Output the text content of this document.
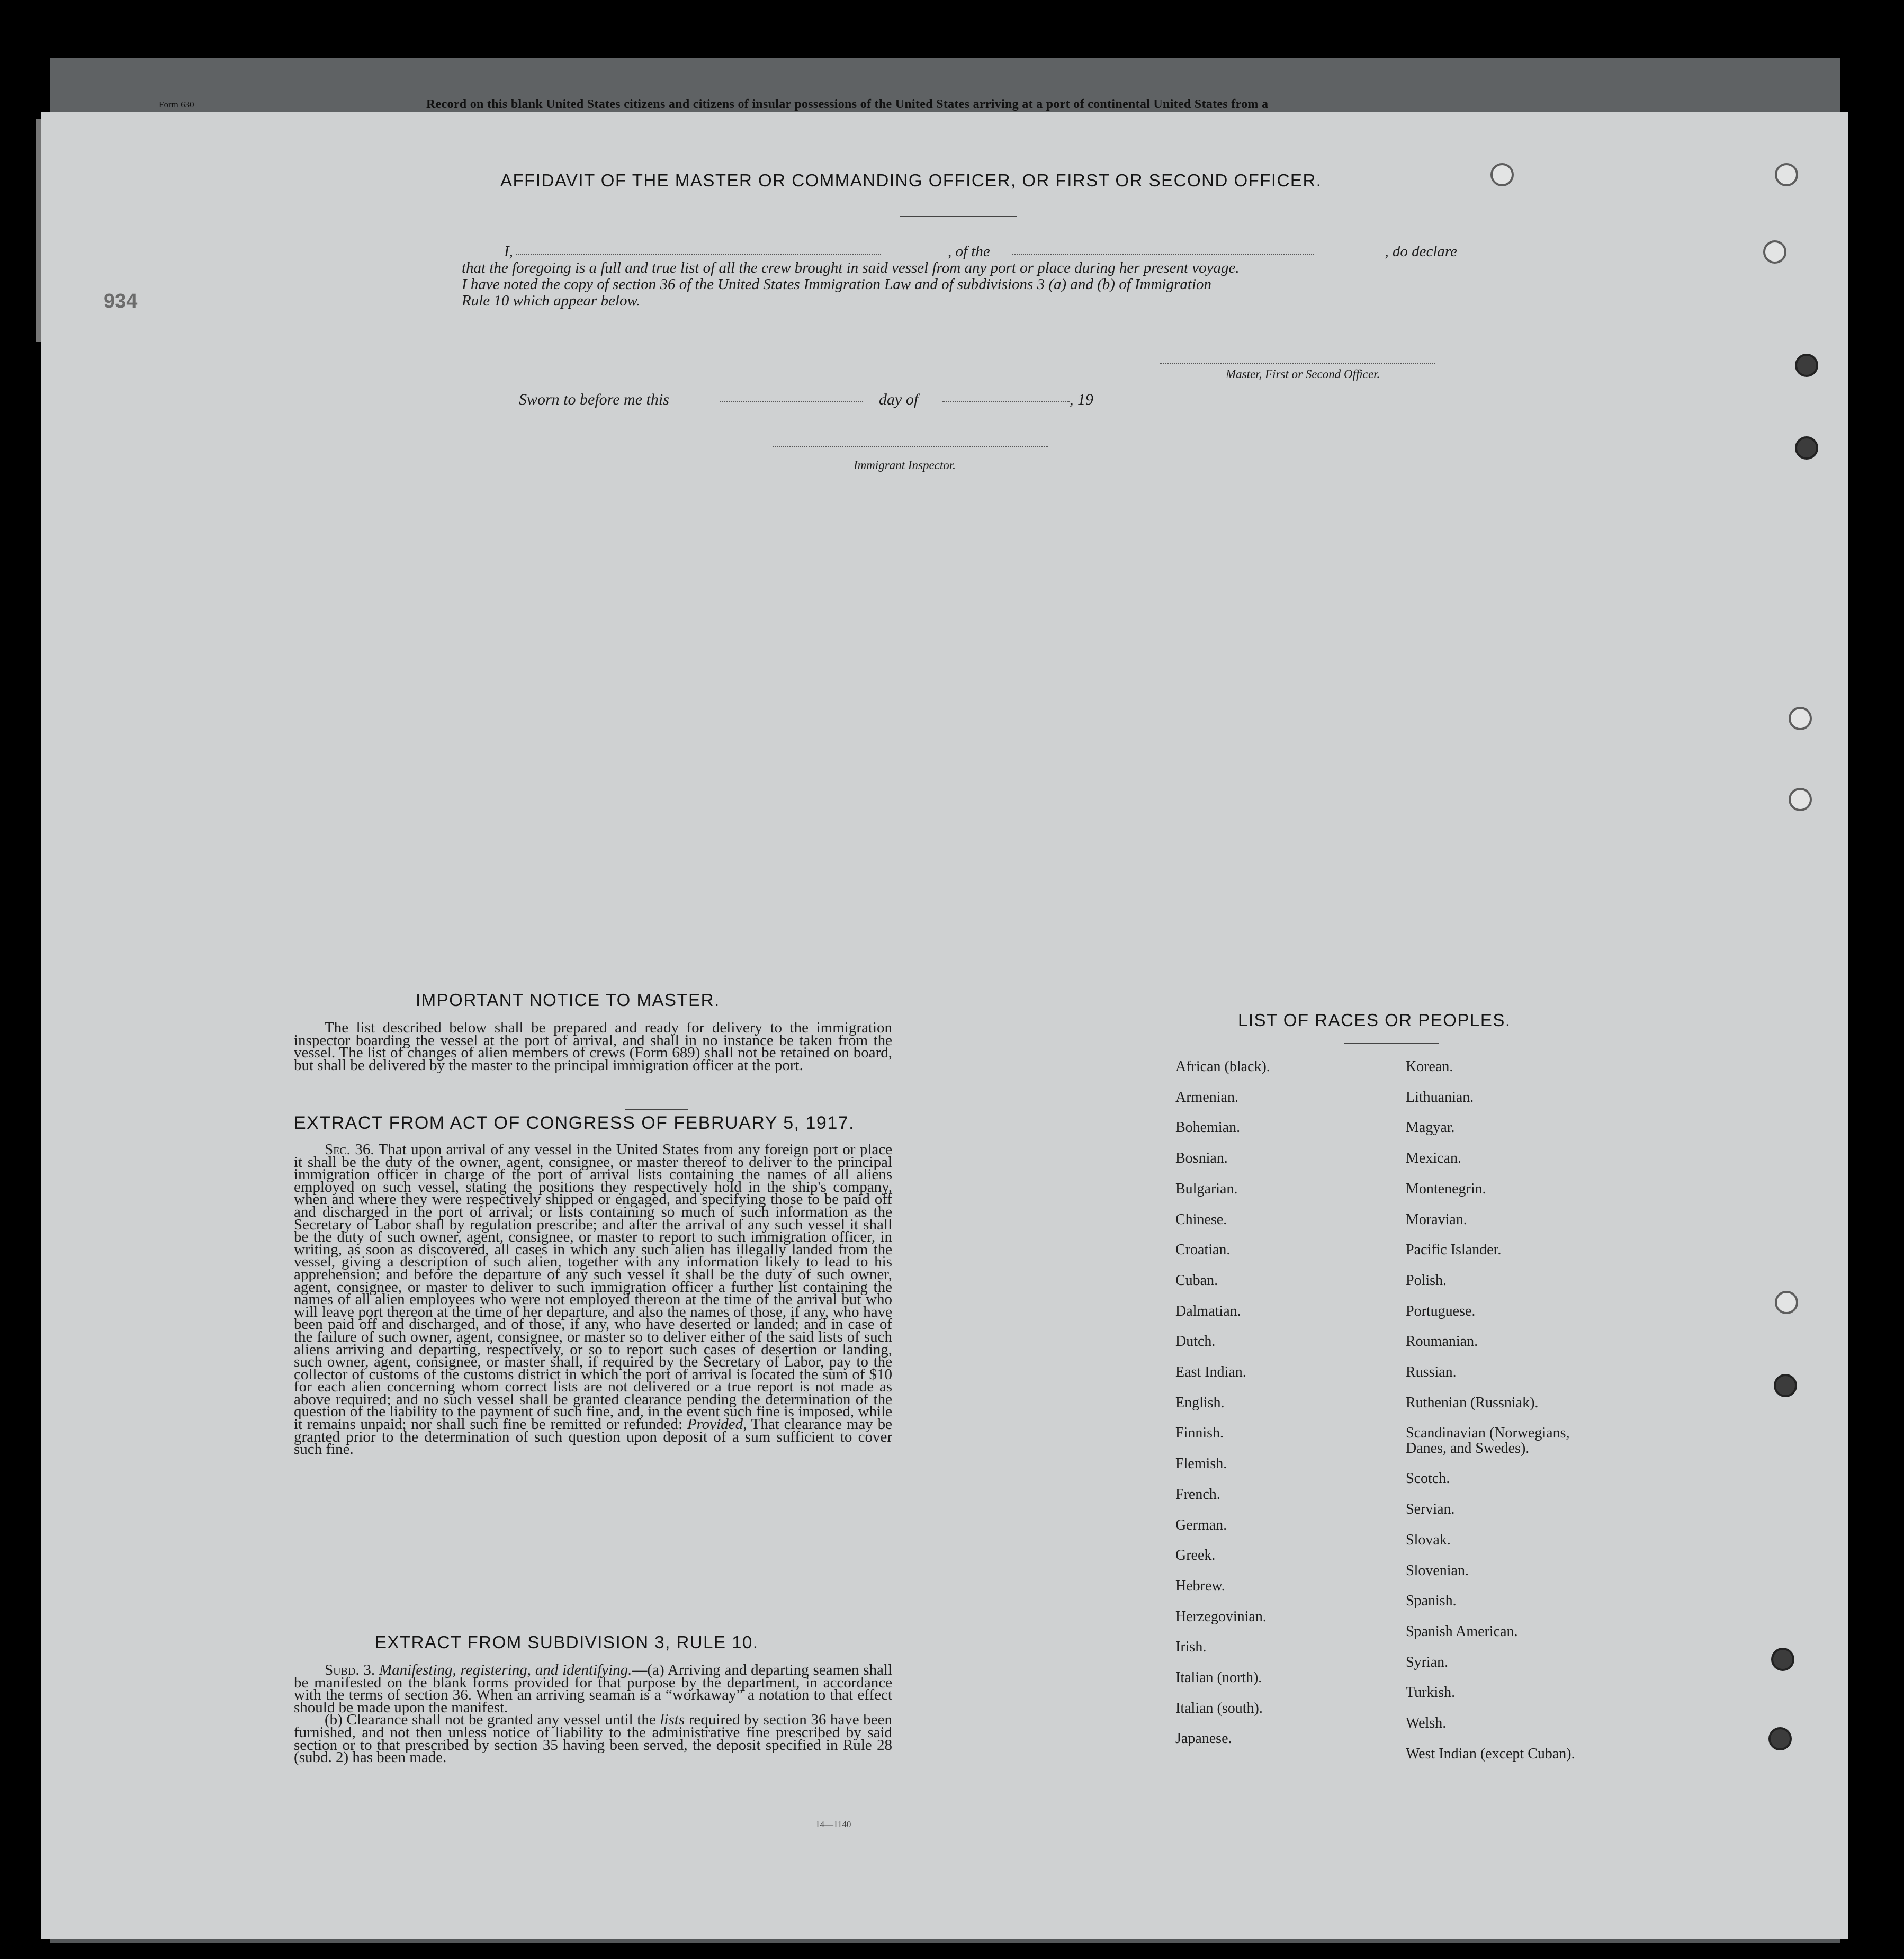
Form 630	Record on this blank United States citizens and citizens of insular possessions of the United States arriving at a port of continental United States from a
934
AFFIDAVIT OF THE MASTER OR COMMANDING OFFICER, OR FIRST OR SECOND OFFICER.
I,	, of the	, do declare
that the foregoing is a full and true list of all the crew brought in said vessel from any port or place during her present voyage.
I have noted the copy of section 36 of the United States Immigration Law and of subdivisions 3 (a) and (b) of Immigration
Rule 10 which appear below.
Master, First or Second Officer.
Sworn to before me this	day of	, 19
Immigrant Inspector.
IMPORTANT NOTICE TO MASTER.

The list described below shall be prepared and ready for delivery to the immigration inspector boarding the vessel at the port of arrival, and shall in no instance be taken from the vessel. The list of changes of alien members of crews (Form 689) shall not be retained on board, but shall be delivered by the master to the principal immigration officer at the port.

EXTRACT FROM ACT OF CONGRESS OF FEBRUARY 5, 1917.

Sec. 36. That upon arrival of any vessel in the United States from any foreign port or place it shall be the duty of the owner, agent, consignee, or master thereof to deliver to the principal immigration officer in charge of the port of arrival lists containing the names of all aliens employed on such vessel, stating the positions they respectively hold in the ship's company, when and where they were respectively shipped or engaged, and specifying those to be paid off and discharged in the port of arrival; or lists containing so much of such information as the Secretary of Labor shall by regulation prescribe; and after the arrival of any such vessel it shall be the duty of such owner, agent, consignee, or master to report to such immigration officer, in writing, as soon as discovered, all cases in which any such alien has illegally landed from the vessel, giving a description of such alien, together with any information likely to lead to his apprehension; and before the departure of any such vessel it shall be the duty of such owner, agent, consignee, or master to deliver to such immigration officer a further list containing the names of all alien employees who were not employed thereon at the time of the arrival but who will leave port thereon at the time of her departure, and also the names of those, if any, who have been paid off and discharged, and of those, if any, who have deserted or landed; and in case of the failure of such owner, agent, consignee, or master so to deliver either of the said lists of such aliens arriving and departing, respectively, or so to report such cases of desertion or landing, such owner, agent, consignee, or master shall, if required by the Secretary of Labor, pay to the collector of customs of the customs district in which the port of arrival is located the sum of $10 for each alien concerning whom correct lists are not delivered or a true report is not made as above required; and no such vessel shall be granted clearance pending the determination of the question of the liability to the payment of such fine, and, in the event such fine is imposed, while it remains unpaid; nor shall such fine be remitted or refunded: Provided, That clearance may be granted prior to the determination of such question upon deposit of a sum sufficient to cover such fine.

EXTRACT FROM SUBDIVISION 3, RULE 10.

Subd. 3. Manifesting, registering, and identifying.—(a) Arriving and departing seamen shall be manifested on the blank forms provided for that purpose by the department, in accordance with the terms of section 36. When an arriving seaman is a “workaway” a notation to that effect should be made upon the manifest.

(b) Clearance shall not be granted any vessel until the lists required by section 36 have been furnished, and not then unless notice of liability to the administrative fine prescribed by said section or to that prescribed by section 35 having been served, the deposit specified in Rule 28 (subd. 2) has been made.

14—1140
LIST OF RACES OR PEOPLES.
African (black).
Armenian.
Bohemian.
Bosnian.
Bulgarian.
Chinese.
Croatian.
Cuban.
Dalmatian.
Dutch.
East Indian.
English.
Finnish.
Flemish.
French.
German.
Greek.
Hebrew.
Herzegovinian.
Irish.
Italian (north).
Italian (south).
Japanese.
Korean.
Lithuanian.
Magyar.
Mexican.
Montenegrin.
Moravian.
Pacific Islander.
Polish.
Portuguese.
Roumanian.
Russian.
Ruthenian (Russniak).
Scandinavian (Norwegians,
Danes, and Swedes).
Scotch.
Servian.
Slovak.
Slovenian.
Spanish.
Spanish American.
Syrian.
Turkish.
Welsh.
West Indian (except Cuban).
